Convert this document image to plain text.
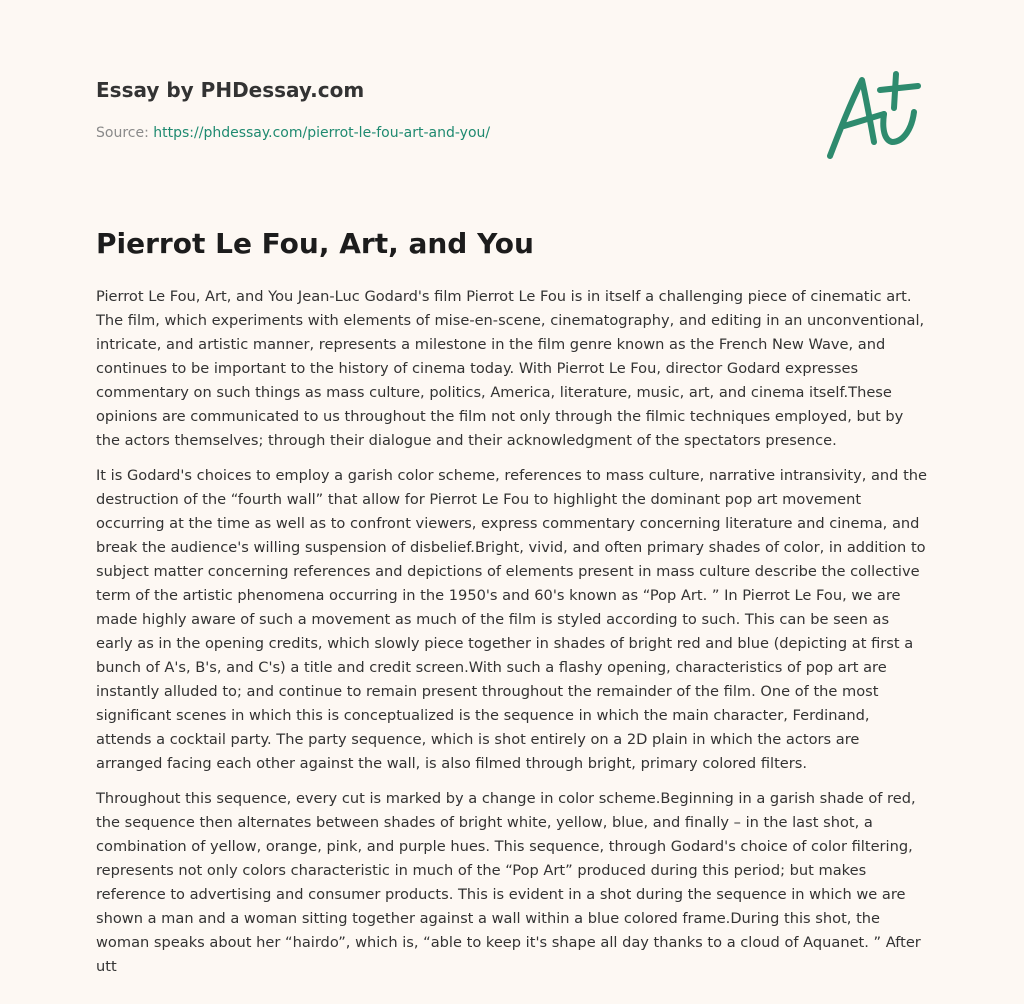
Essay by PHDessay.com
Source: https://phdessay.com/pierrot-le-fou-art-and-you/
Pierrot Le Fou, Art, and You

Pierrot Le Fou, Art, and You Jean-Luc Godard's film Pierrot Le Fou is in itself a challenging piece of cinematic art. The film, which experiments with elements of mise-en-scene, cinematography, and editing in an unconventional, intricate, and artistic manner, represents a milestone in the film genre known as the French New Wave, and continues to be important to the history of cinema today. With Pierrot Le Fou, director Godard expresses commentary on such things as mass culture, politics, America, literature, music, art, and cinema itself.These opinions are communicated to us throughout the film not only through the filmic techniques employed, but by the actors themselves; through their dialogue and their acknowledgment of the spectators presence.

It is Godard's choices to employ a garish color scheme, references to mass culture, narrative intransivity, and the destruction of the “fourth wall” that allow for Pierrot Le Fou to highlight the dominant pop art movement occurring at the time as well as to confront viewers, express commentary concerning literature and cinema, and break the audience's willing suspension of disbelief.Bright, vivid, and often primary shades of color, in addition to subject matter concerning references and depictions of elements present in mass culture describe the collective term of the artistic phenomena occurring in the 1950's and 60's known as “Pop Art. ” In Pierrot Le Fou, we are made highly aware of such a movement as much of the film is styled according to such. This can be seen as early as in the opening credits, which slowly piece together in shades of bright red and blue (depicting at first a bunch of A's, B's, and C's) a title and credit screen.With such a flashy opening, characteristics of pop art are instantly alluded to; and continue to remain present throughout the remainder of the film. One of the most significant scenes in which this is conceptualized is the sequence in which the main character, Ferdinand, attends a cocktail party. The party sequence, which is shot entirely on a 2D plain in which the actors are arranged facing each other against the wall, is also filmed through bright, primary colored filters.

Throughout this sequence, every cut is marked by a change in color scheme.Beginning in a garish shade of red, the sequence then alternates between shades of bright white, yellow, blue, and finally – in the last shot, a combination of yellow, orange, pink, and purple hues. This sequence, through Godard's choice of color filtering, represents not only colors characteristic in much of the “Pop Art” produced during this period; but makes reference to advertising and consumer products. This is evident in a shot during the sequence in which we are shown a man and a woman sitting together against a wall within a blue colored frame.During this shot, the woman speaks about her “hairdo”, which is, “able to keep it's shape all day thanks to a cloud of Aquanet. ” After utt
